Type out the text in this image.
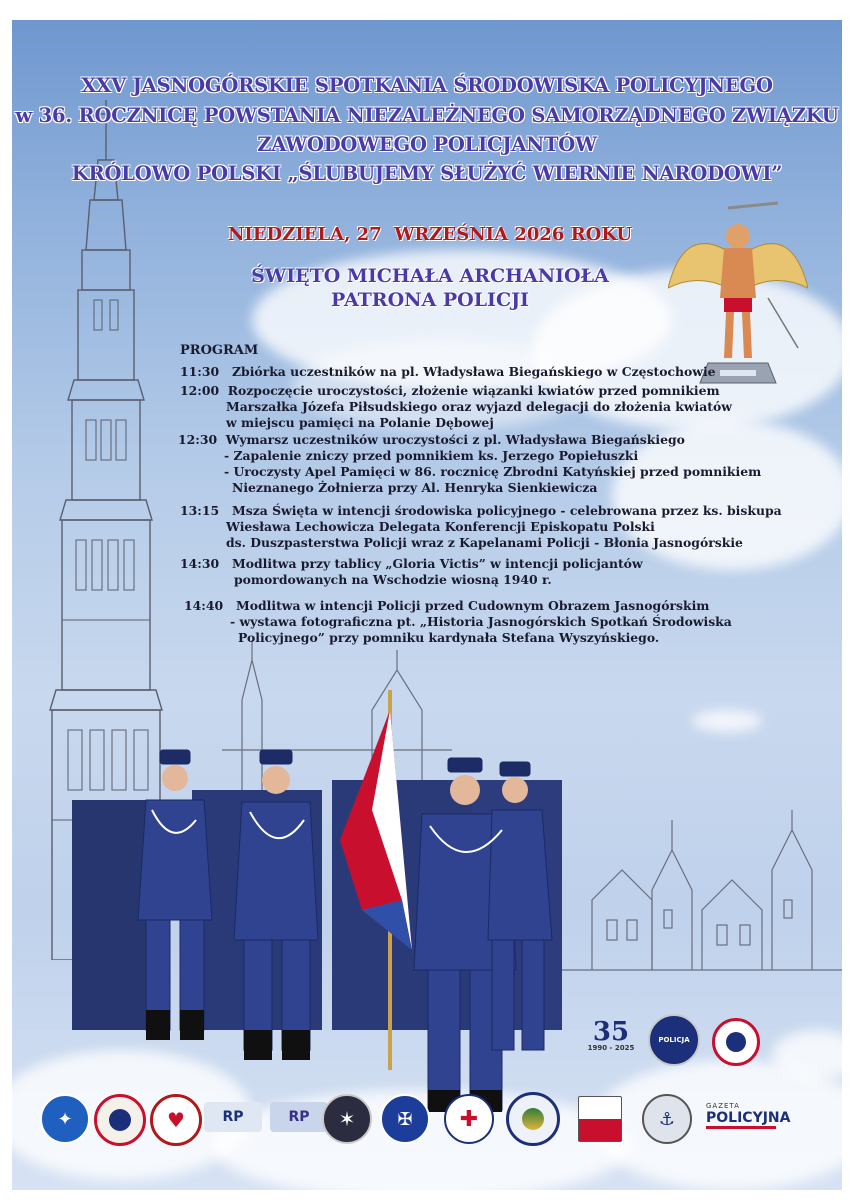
35
1990 - 2025
POLICJA
✦	♥	RP	RP	✶	✠	✚	⚓
GAZETA
POLICYJNA
XXV JASNOGÓRSKIE SPOTKANIA ŚRODOWISKA POLICYJNEGO
w 36. ROCZNICĘ POWSTANIA NIEZALEŻNEGO SAMORZĄDNEGO ZWIĄZKU
ZAWODOWEGO POLICJANTÓW
KRÓLOWO POLSKI „ŚLUBUJEMY SŁUŻYĆ WIERNIE NARODOWI”
NIEDZIELA, 27  WRZEŚNIA 2026 ROKU
ŚWIĘTO MICHAŁA ARCHANIOŁA
PATRONA POLICJI
PROGRAM
11:30 Zbiórka uczestników na pl. Władysława Biegańskiego w Częstochowie
12:00 Rozpoczęcie uroczystości, złożenie wiązanki kwiatów przed pomnikiem
Marszałka Józefa Piłsudskiego oraz wyjazd delegacji do złożenia kwiatów
w miejscu pamięci na Polanie Dębowej
12:30 Wymarsz uczestników uroczystości z pl. Władysława Biegańskiego
- Zapalenie zniczy przed pomnikiem ks. Jerzego Popiełuszki
- Uroczysty Apel Pamięci w 86. rocznicę Zbrodni Katyńskiej przed pomnikiem
Nieznanego Żołnierza przy Al. Henryka Sienkiewicza
13:15 Msza Święta w intencji środowiska policyjnego - celebrowana przez ks. biskupa
Wiesława Lechowicza Delegata Konferencji Episkopatu Polski
ds. Duszpasterstwa Policji wraz z Kapelanami Policji - Błonia Jasnogórskie
14:30 Modlitwa przy tablicy „Gloria Victis” w intencji policjantów
pomordowanych na Wschodzie wiosną 1940 r.
14:40 Modlitwa w intencji Policji przed Cudownym Obrazem Jasnogórskim
- wystawa fotograficzna pt. „Historia Jasnogórskich Spotkań Środowiska
Policyjnego” przy pomniku kardynała Stefana Wyszyńskiego.
